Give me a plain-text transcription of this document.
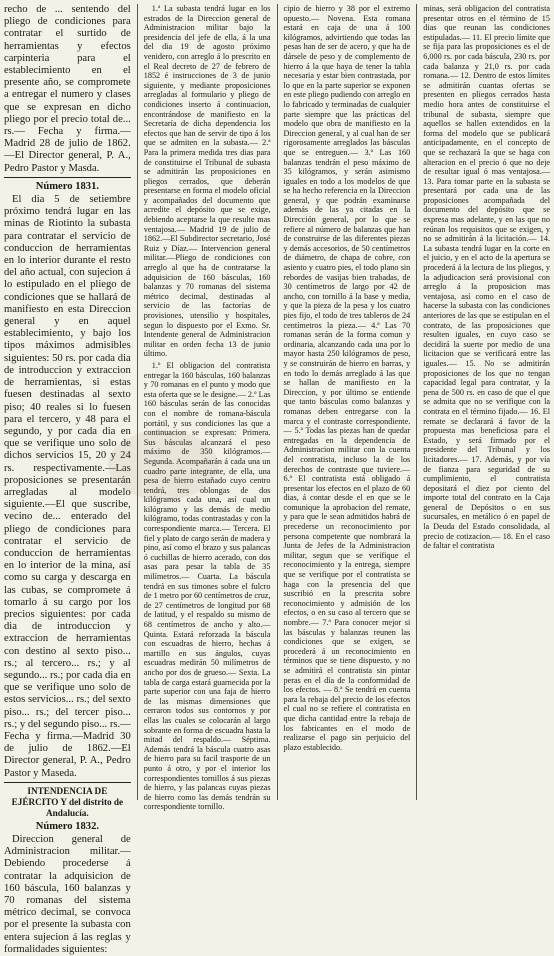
recho de ... sentendo del pliego de condiciones para contratar el surtido de herramientas y efectos carpinteria para el establecimiento en el presente año, se compromete a entregar el numero y clases que se expresan en dicho pliego por el precio total de... rs.— Fecha y firma.—Madrid 28 de julio de 1862.—El Director general, P. A., Pedro Pastor y Masda.

Número 1831.

El dia 5 de setiembre próximo tendrá lugar en las minas de Riotinto la subasta para contratar el servicio de conduccion de herramientas en lo interior durante el resto del año actual, con sujecion á lo estipulado en el pliego de condiciones que se hallará de manifiesto en esta Direccion general y en aquel establecimiento, y bajo los tipos máximos admisibles siguientes: 50 rs. por cada dia de introduccion y extraccion de herramientas, si estas fuesen destinadas al sexto piso; 40 reales si lo fuesen para el tercero, y 48 para el segundo, y por cada dia en que se verifique uno solo de dichos servicios 15, 20 y 24 rs. respectivamente.—Las proposiciones se presentarán arregladas al modelo siguiente.—El que suscribe, vecino de... enterado del pliego de condiciones para contratar el servicio de conduccion de herramientas en lo interior de la mina, así como su carga y descarga en las cubas, se compromete á tomarlo á su cargo por los precios siguientes: por cada dia de introduccion y extraccion de herramientas con destino al sexto piso... rs.; al tercero... rs.; y al segundo... rs.; por cada dia en que se verifique uno solo de estos servicios... rs.; del sexto piso... rs.; del tercer piso... rs.; y del segundo piso... rs.— Fecha y firma.—Madrid 30 de julio de 1862.—El Director general, P. A., Pedro Pastor y Maseda.

INTENDENCIA DE EJÉRCITO Y del distrito de Andalucía.
Número 1832.

Direccion general de Administracion militar.—Debiendo procederse á contratar la adquisicion de 160 báscula, 160 balanzas y 70 romanas del sistema métrico decimal, se convoca por el presente la subasta con entera sujecion á las reglas y formalidades siguientes:

1.ª La subasta tendrá lugar en los estrados de la Direccion general de Administracion militar bajo la presidencia del jefe de ella, á la una del dia 19 de agosto próximo venidero, con arreglo á lo prescrito en el Real decreto de 27 de febrero de 1852 é instrucciones de 3 de junio siguiente, y mediante proposiciones arregladas al formulario y pliego de condiciones inserto á continuacion, encontrándose de manifiesto en la Secretaría de dicha dependencia los efectos que han de servir de tipo á los que se admiten en la subasta.— 2.ª Para la primera medida tres dias para de constituirse el Tribunal de subasta se admitirán las proposiciones en pliegos cerrados, que deberán presentarse en forma el modelo oficial y acompañados del documento que acredite el depósito que se exige, debiendo aceptarse la que resulte mas ventajosa.— Madrid 19 de julio de 1862.—El Subdirector secretario, José Ruiz y Díaz.— Intervencion general militar.—Pliego de condiciones con arreglo al que ha de contratarse la adquisicion de 160 básculas, 160 balanzas y 70 romanas del sistema métrico decimal, destinadas al servicio de las factorías de provisiones, utensilio y hospitales, segun lo dispuesto por el Exmo. Sr. Intendente general de Administracion militar en orden fecha 13 de junio último.

1.º El obligacion del contratista entregar la 160 básculas, 160 balanzas y 70 romanas en el punto y modo que esta oferta que se le designe.— 2.º Las 160 básculas serán de las conocidas con el nombre de romana-báscula portátil, y sus condiciones las que a continuacion se expresan: Primera. Sus básculas alcanzará el peso máximo de 350 kilógramos.— Segunda. Acompañarán á cada una un cuadro parte integrante, de ella, una pesa de hierro estañado cuyo centro tendrá, tres oblongas de dos kilógramos cada una, así cual un kilógramo y las demás de medio kilógramo, todas contrastadas y con la correspondiente marca.— Tercera. El fiel y plato de cargo serán de madera y pino, así como el brazo y sus palancas ó cuchillas de hierro acerado, con dos asas para pesar la tabla de 35 milímetros.— Cuarta. La báscula tendrá en sus timones sobre el fulcro de 1 metro por 60 centímetros de cruz, de 27 centímetros de longitud por 68 de latitud, y el respaldo su mismo de 68 centímetros de ancho y alto.— Quinta. Estará reforzada la báscula con escuadras de hierro, hechas á martillo en sus ángulos, cuyas escuadras medirán 50 milímetros de ancho por dos de grueso.— Sexta. La tabla de carga estará guarnecida por la parte superior con una faja de hierro de las mismas dimensiones que cerraron todos sus contornos y por ellas las cuales se colocarán al largo sobrante en forma de escuadra hasta la mitad del respaldo.— Séptima. Además tendrá la báscula cuatro asas de hierro para su facil trasporte de un punto á otro, y por el interior los correspondientes tornillos á sus piezas de hierro, y las palancas cuyas piezas de hierro como las demás tendrán su correspondiente tornillo.

cipio de hierro y 38 por el extremo opuesto.— Novena. Esta romana estará en caja de una á 100 kilógramos, advirtiendo que todas las pesas han de ser de acero, y que ha de dársele de peso y de complemento de hierro á la que haya de tener la tabla necesaria y estar bien contrastada, por lo que en la parte superior se exponen en este pliego pudiendo con arreglo en lo fabricado y terminadas de cualquier parte siempre que las prácticas del modelo que obra de manifiesto en la Direccion general, y al cual han de ser rigorosamente arreglados las básculas que se entreguen.— 3.ª Las 160 balanzas tendrán el peso máximo de 35 kilógramos, y serán asimismo iguales en todo a los modelos de que se ha hecho referencia en la Direccion general, y que podrán examinarse además de las ya citadas en la Dirección general, por lo que se refiere al número de balanzas que han de construirse de las diferentes piezas y demás accesorios, de 50 centímetros de diámetro, de chapa de cobre, con asiento y cuatro pies, el todo plano sin rebordes de vasijas bien trabadas, de 30 centímetros de largo por 42 de ancho, con tornillo á la base y media, y que la pieza de la pesa y los cuatro pies fijo, el todo de tres tableros de 24 centímetros la pieza.— 4.ª Las 70 romanas serán de la forma comun y ordinaria, alcanzando cada una por lo mayor hasta 250 kilógramos de peso, y se construirán de hierro en barras, y en todo lo demás arreglado á las que se hallan de manifiesto en la Direccion, y por último se entiende que tanto básculas como balanzas y romanas deben entregarse con la marca y el contraste correspondiente.— 5.ª Todas las piezas han de quedar entregadas en la dependencia de Administracion militar con la cuenta del contratista, incluso la de los derechos de contraste que tuviere.— 6.ª El contratista está obligado á presentar los efectos en el plazo de 60 dias, á contar desde el en que se le comunique la aprobacion del remate, y para que le sean admitidos habrá de precederse un reconocimiento por persona competente que nombrará la Junta de Jefes de la Administracion militar, segun que se verifique el reconocimiento y la entrega, siempre que se verifique por el contratista se haga con la presencia del que suscribió en la prescrita sobre reconocimiento y admisión de los efectos, o en su caso al tercero que se nombre.— 7.ª Para conocer mejor si las básculas y balanzas reunen las condiciones que se exigen, se procederá á un reconocimiento en términos que se tiene dispuesto, y no se admitirá el contratista sin pintar peras en el día de la conformidad de los efectos. — 8.ª Se tendrá en cuenta para la rebaja del precio de los efectos el cual no se refiere el contratista en que dicha cantidad entre la rebaja de los fabricantes en el modo de realizarse el pago sin perjuicio del plazo establecido.

minas, será obligacion del contratista presentar otros en el término de 15 dias que reunan las condiciones estipuladas.— 11. El precio límite que se fija para las proposiciones es el de 6,000 rs. por cada báscula, 230 rs. por cada balanza y 21,0 rs. por cada romana.— 12. Dentro de estos límites se admitirán cuantas ofertas se presenten en pliegos cerrados hasta medio hora antes de constituirse el tribunal de subasta, siempre que aquellos se hallen extendidos en la forma del modelo que se publicará anticipadamente, en el concepto de que se rechazará la que se haga con alteracion en el precio ó que no deje de resultar igual ó mas ventajosa.— 13. Para tomar parte en la subasta se presentará por cada una de las proposiciones acompañada del documento del depósito que se expresa mas adelante, y en las que no reúnan los requisitos que se exigen, y no se admitirán á la licitación.— 14. La subasta tendrá lugar en la corte en el juicio, y en el acto de la apertura se procederá á la lectura de los pliegos, y la adjudicacion será provisional con arreglo á la proposicion mas ventajosa, así como en el caso de hacerse la subasta con las condiciones anteriores de las que se estipulan en el contrato, de las proposiciones que resulten iguales, en cuyo caso se decidirá la suerte por medio de una licitacion que se verificará entre las iguales.— 15. No se admitirán proposiciones de los que no tengan capacidad legal para contratar, y la pena de 500 rs. en caso de que el que se admita que no se verifique con la contrata en el término fijado.— 16. El remate se declarará á favor de la propuesta mas beneficiosa para el Estado, y será firmado por el presidente del Tribunal y los licitadores.— 17. Además, y por vía de fianza para seguridad de su cumplimiento, el contratista depositará el diez por ciento del importe total del contrato en la Caja general de Depósitos o en sus sucursales, en metálico ó en papel de la Deuda del Estado consolidada, al precio de cotizacion.— 18. En el caso de faltar el contratista
